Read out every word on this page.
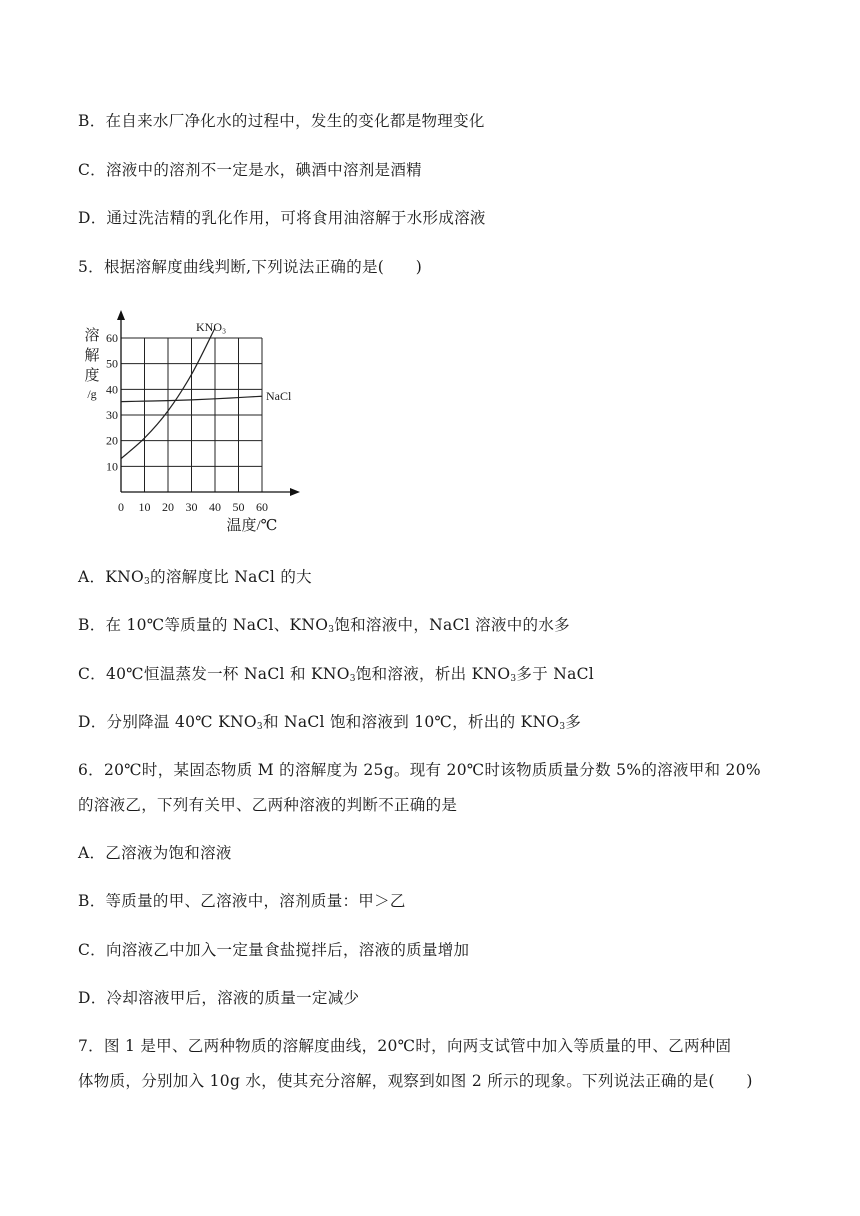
B．在自来水厂净化水的过程中，发生的变化都是物理变化
C．溶液中的溶剂不一定是水，碘酒中溶剂是酒精
D．通过洗洁精的乳化作用，可将食用油溶解于水形成溶液
5．根据溶解度曲线判断,下列说法正确的是(　　)
KNO₃
NaCl
10
20
30
40
50
60
0 10 20 30 40 50 60
溶
解
度
/g
温度/℃
A．$KNO_3$的溶解度比 NaCl 的大
B．在 10℃等质量的 NaCl、$KNO_3$饱和溶液中，NaCl 溶液中的水多
C．40℃恒温蒸发一杯 NaCl 和 $KNO_3$饱和溶液，析出 $KNO_3$多于 NaCl
D．分别降温 40℃ $KNO_3$和 NaCl 饱和溶液到 10℃，析出的 $KNO_3$多
6．20℃时，某固态物质 M 的溶解度为 25g。现有 20℃时该物质质量分数 5%的溶液甲和 20%
的溶液乙，下列有关甲、乙两种溶液的判断不正确的是
A．乙溶液为饱和溶液
B．等质量的甲、乙溶液中，溶剂质量：甲＞乙
C．向溶液乙中加入一定量食盐搅拌后，溶液的质量增加
D．冷却溶液甲后，溶液的质量一定减少
7．图 1 是甲、乙两种物质的溶解度曲线，20℃时，向两支试管中加入等质量的甲、乙两种固
体物质，分别加入 10g 水，使其充分溶解，观察到如图 2 所示的现象。下列说法正确的是(　　)
